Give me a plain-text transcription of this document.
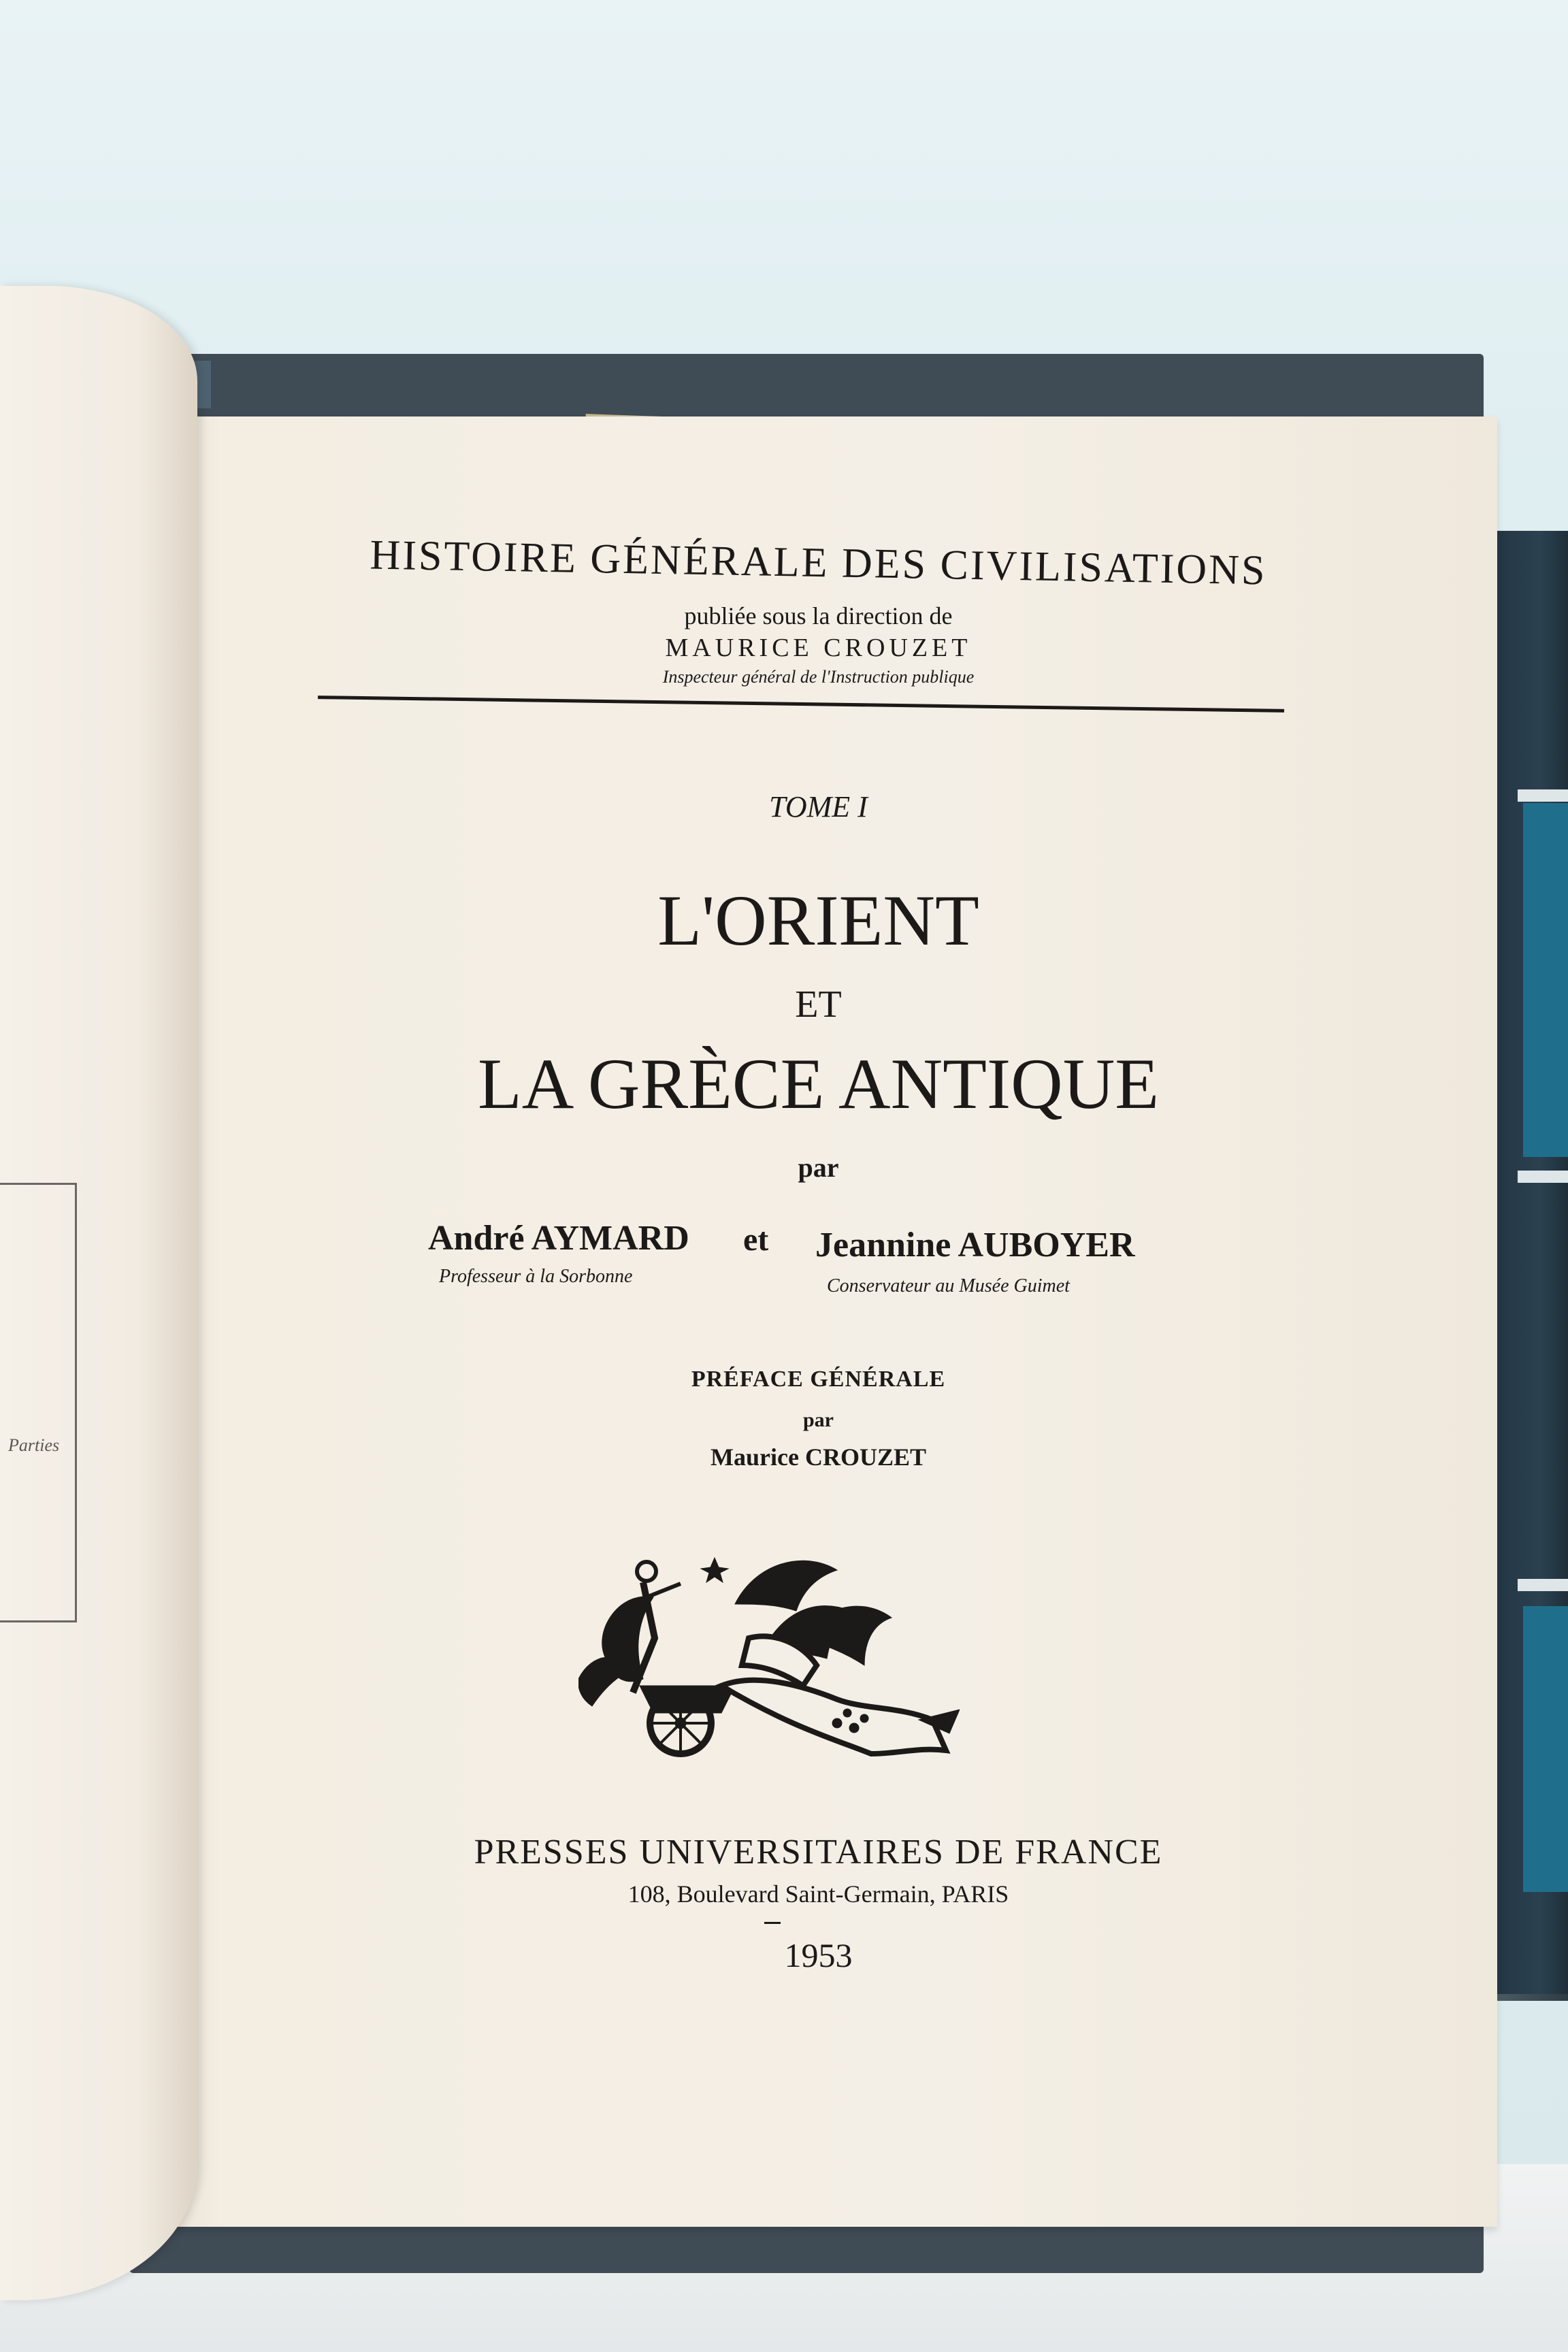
HISTOIRE GÉNÉRALE DES CIVILISATIONS
publiée sous la direction de
MAURICE CROUZET
Inspecteur général de l'Instruction publique
TOME I
L'ORIENT
ET
LA GRÈCE ANTIQUE
par
André AYMARD
Professeur à la Sorbonne
et Jeannine AUBOYER
Conservateur au Musée Guimet
PRÉFACE GÉNÉRALE
par
Maurice CROUZET
PRESSES UNIVERSITAIRES DE FRANCE
108, Boulevard Saint-Germain, PARIS
1953
Parties
